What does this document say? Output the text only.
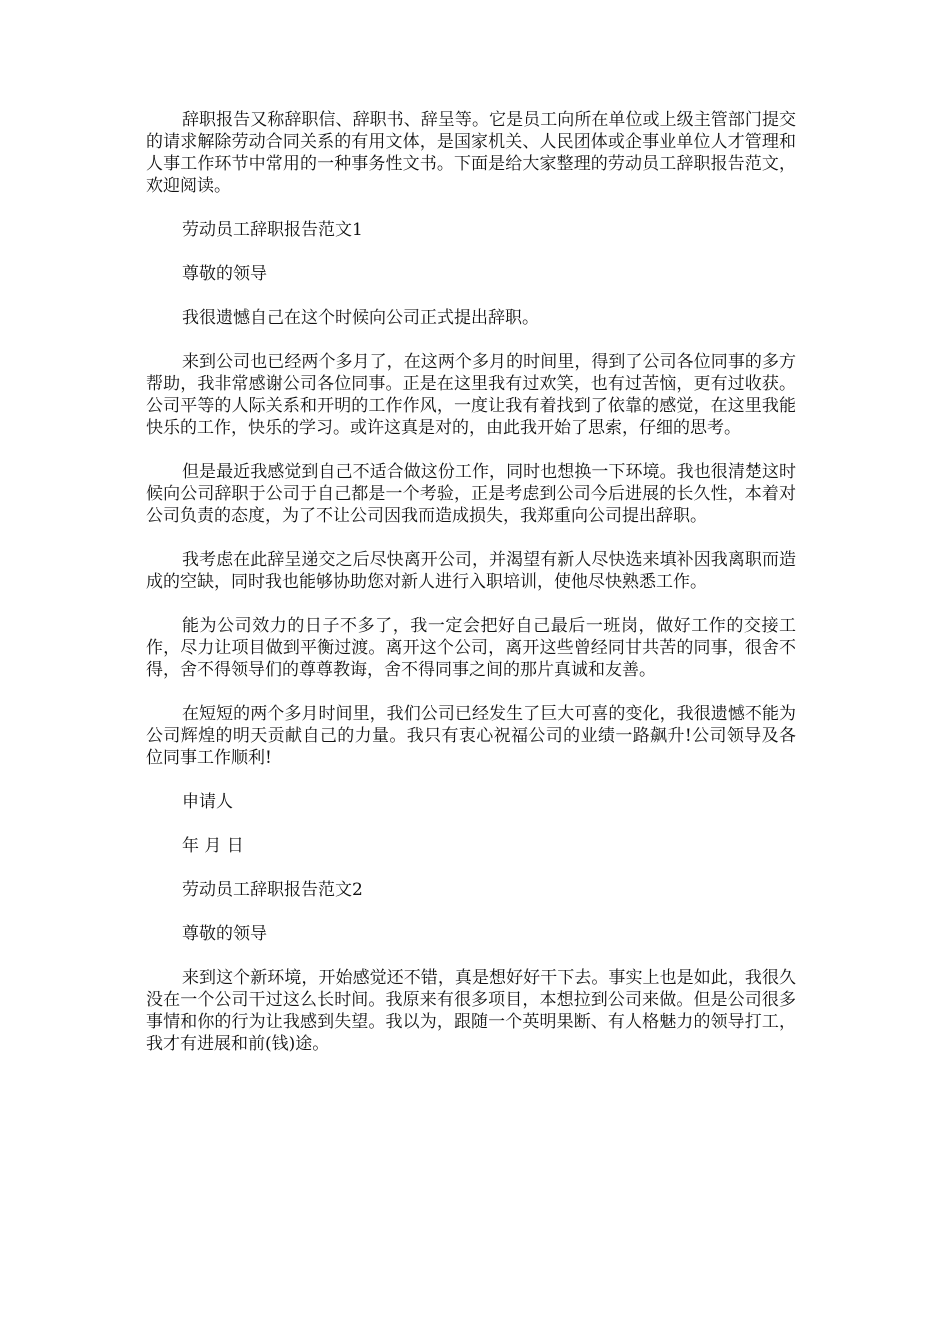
辞职报告又称辞职信、辞职书、辞呈等。它是员工向所在单位或上级主管部门提交的请求解除劳动合同关系的有用文体，是国家机关、人民团体或企事业单位人才管理和人事工作环节中常用的一种事务性文书。下面是给大家整理的劳动员工辞职报告范文，欢迎阅读。

劳动员工辞职报告范文1

尊敬的领导

我很遗憾自己在这个时候向公司正式提出辞职。

来到公司也已经两个多月了，在这两个多月的时间里，得到了公司各位同事的多方帮助，我非常感谢公司各位同事。正是在这里我有过欢笑，也有过苦恼，更有过收获。公司平等的人际关系和开明的工作作风，一度让我有着找到了依靠的感觉，在这里我能快乐的工作，快乐的学习。或许这真是对的，由此我开始了思索，仔细的思考。

但是最近我感觉到自己不适合做这份工作，同时也想换一下环境。我也很清楚这时候向公司辞职于公司于自己都是一个考验，正是考虑到公司今后进展的长久性，本着对公司负责的态度，为了不让公司因我而造成损失，我郑重向公司提出辞职。

我考虑在此辞呈递交之后尽快离开公司，并渴望有新人尽快选来填补因我离职而造成的空缺，同时我也能够协助您对新人进行入职培训，使他尽快熟悉工作。

能为公司效力的日子不多了，我一定会把好自己最后一班岗，做好工作的交接工作，尽力让项目做到平衡过渡。离开这个公司，离开这些曾经同甘共苦的同事，很舍不得，舍不得领导们的尊尊教诲，舍不得同事之间的那片真诚和友善。

在短短的两个多月时间里，我们公司已经发生了巨大可喜的变化，我很遗憾不能为公司辉煌的明天贡献自己的力量。我只有衷心祝福公司的业绩一路飙升!公司领导及各位同事工作顺利!

申请人

年 月 日

劳动员工辞职报告范文2

尊敬的领导

来到这个新环境，开始感觉还不错，真是想好好干下去。事实上也是如此，我很久没在一个公司干过这么长时间。我原来有很多项目，本想拉到公司来做。但是公司很多事情和你的行为让我感到失望。我以为，跟随一个英明果断、有人格魅力的领导打工，我才有进展和前(钱)途。
